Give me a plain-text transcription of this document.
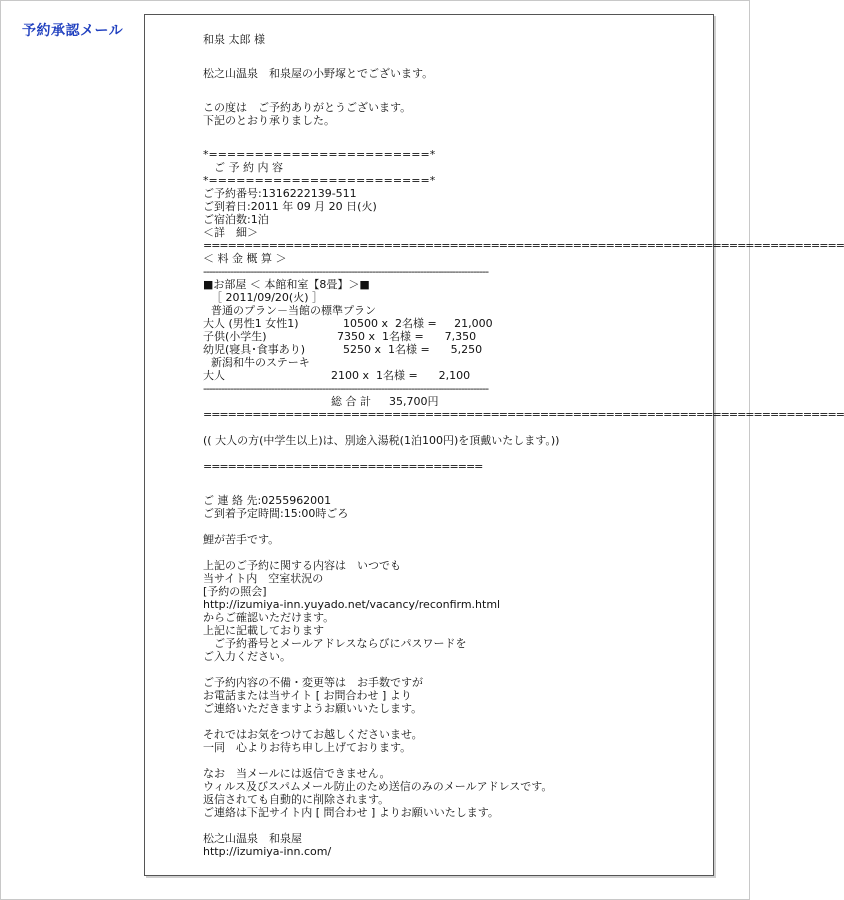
予約承認メール
和泉 太郎 様
松之山温泉　和泉屋の小野塚とでございます。
この度は　ご予約ありがとうございます。
下記のとおり承りました。
*========================*
　ご 予 約 内 容
*========================*
ご予約番号:1316222139-511
ご到着日:2011 年 09 月 20 日(火)
ご宿泊数:1泊
＜詳　細＞
==============================================================================
＜ 料 金 概 算 ＞
------------------------------------------------------------------------------------------------
■お部屋 ＜ 本館和室【8畳】＞■
［ 2011/09/20(火) ］
普通のプラン－当館の標準プラン
大人 (男性1 女性1)	10500 x  2名様 =     21,000
子供(小学生)	7350 x  1名様 =      7,350
幼児(寝具･食事あり)	5250 x  1名様 =      5,250
新潟和牛のステーキ
大人	2100 x  1名様 =      2,100
------------------------------------------------------------------------------------------------
総 合 計	35,700円
==============================================================================
(( 大人の方(中学生以上)は、別途入湯税(1泊100円)を頂戴いたします。))
==================================
ご 連 絡 先:0255962001
ご到着予定時間:15:00時ごろ
鯉が苦手です。
上記のご予約に関する内容は　いつでも
当サイト内　空室状況の
[予約の照会]
http://izumiya-inn.yuyado.net/vacancy/reconfirm.html
からご確認いただけます。
上記に記載しております
　ご予約番号とメールアドレスならびにパスワードを
ご入力ください。
ご予約内容の不備・変更等は　お手数ですが
お電話または当サイト [ お問合わせ ] より
ご連絡いただきますようお願いいたします。
それではお気をつけてお越しくださいませ。
一同　心よりお待ち申し上げております。
なお　当メールには返信できません。
ウィルス及びスパムメール防止のため送信のみのメールアドレスです。
返信されても自動的に削除されます。
ご連絡は下記サイト内 [ 問合わせ ] よりお願いいたします。
松之山温泉　和泉屋
http://izumiya-inn.com/
